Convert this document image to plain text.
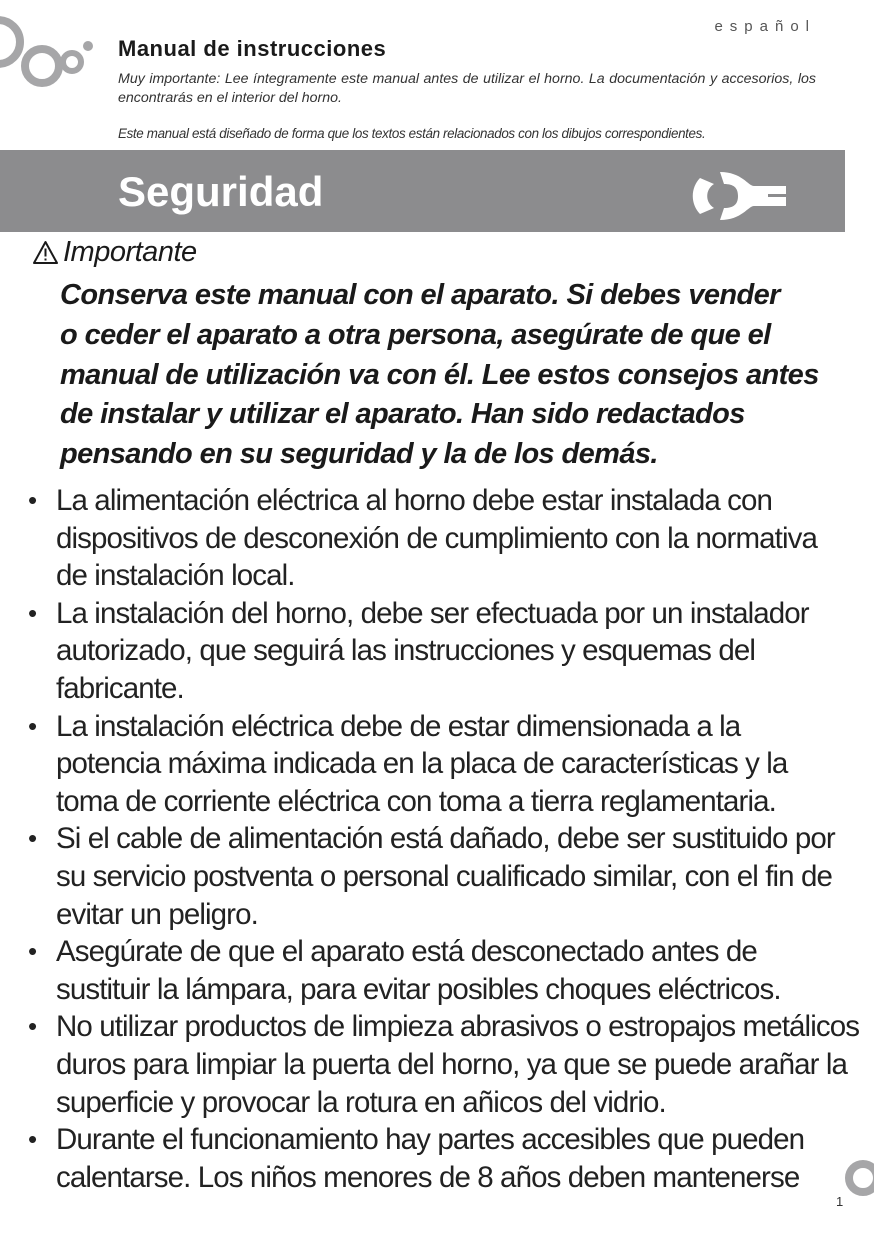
español
Manual de instrucciones
Muy importante: Lee íntegramente este manual antes de utilizar el horno. La documentación y accesorios, los encontrarás en el interior del horno.
Este manual está diseñado de forma que los textos están relacionados con los dibujos correspondientes.
Seguridad
Importante
Conserva este manual con el aparato. Si debes vender
o ceder el aparato a otra persona, asegúrate de que el
manual de utilización va con él. Lee estos consejos antes
de instalar y utilizar el aparato. Han sido redactados
pensando en su seguridad y la de los demás.
• La alimentación eléctrica al horno debe estar instalada con
dispositivos de desconexión de cumplimiento con la normativa
de instalación local.
• La instalación del horno, debe ser efectuada por un instalador
autorizado, que seguirá las instrucciones y esquemas del
fabricante.
• La instalación eléctrica debe de estar dimensionada a la
potencia máxima indicada en la placa de características y la
toma de corriente eléctrica con toma a tierra reglamentaria.
• Si el cable de alimentación está dañado, debe ser sustituido por
su servicio postventa o personal cualificado similar, con el fin de
evitar un peligro.
• Asegúrate de que el aparato está desconectado antes de
sustituir la lámpara, para evitar posibles choques eléctricos.
• No utilizar productos de limpieza abrasivos o estropajos metálicos
duros para limpiar la puerta del horno, ya que se puede arañar la
superficie y provocar la rotura en añicos del vidrio.
• Durante el funcionamiento hay partes accesibles que pueden
calentarse. Los niños menores de 8 años deben mantenerse
1
